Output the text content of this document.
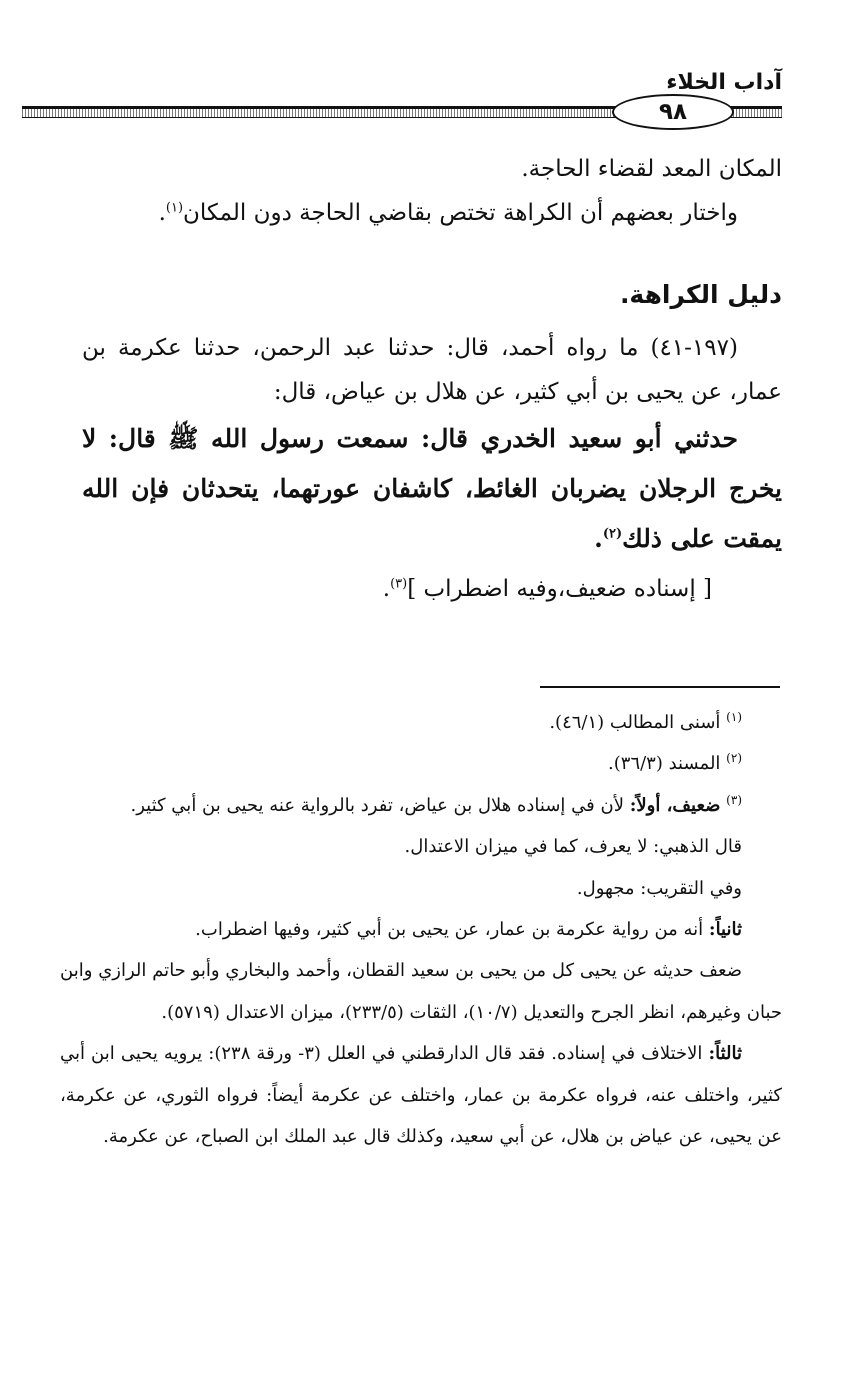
آداب الخلاء
٩٨

المكان المعد لقضاء الحاجة.

واختار بعضهم أن الكراهة تختص بقاضي الحاجة دون المكان$^{(١)}$.

دليل الكراهة.

(١٩٧-٤١) ما رواه أحمد، قال: حدثنا عبد الرحمن، حدثنا عكرمة بن عمار، عن يحيى بن أبي كثير، عن هلال بن عياض، قال:

حدثني أبو سعيد الخدري قال: سمعت رسول الله ﷺ قال: لا يخرج الرجلان يضربان الغائط، كاشفان عورتهما، يتحدثان فإن الله يمقت على ذلك$^{(٢)}$.

[ إسناده ضعيف،وفيه اضطراب ]$^{(٣)}$.

$^{(١)}$ أسنى المطالب (٤٦/١).

$^{(٢)}$ المسند (٣٦/٣).

$^{(٣)}$ ضعيف، أولاً: لأن في إسناده هلال بن عياض، تفرد بالرواية عنه يحيى بن أبي كثير.

قال الذهبي: لا يعرف، كما في ميزان الاعتدال.

وفي التقريب: مجهول.

ثانياً: أنه من رواية عكرمة بن عمار، عن يحيى بن أبي كثير، وفيها اضطراب.

ضعف حديثه عن يحيى كل من يحيى بن سعيد القطان، وأحمد والبخاري وأبو حاتم الرازي وابن حبان وغيرهم، انظر الجرح والتعديل (١٠/٧)، الثقات (٢٣٣/٥)، ميزان الاعتدال (٥٧١٩).

ثالثاً: الاختلاف في إسناده. فقد قال الدارقطني في العلل (٣- ورقة ٢٣٨): يرويه يحيى ابن أبي كثير، واختلف عنه، فرواه عكرمة بن عمار، واختلف عن عكرمة أيضاً: فرواه الثوري، عن عكرمة، عن يحيى، عن عياض بن هلال، عن أبي سعيد، وكذلك قال عبد الملك ابن الصباح، عن عكرمة.
